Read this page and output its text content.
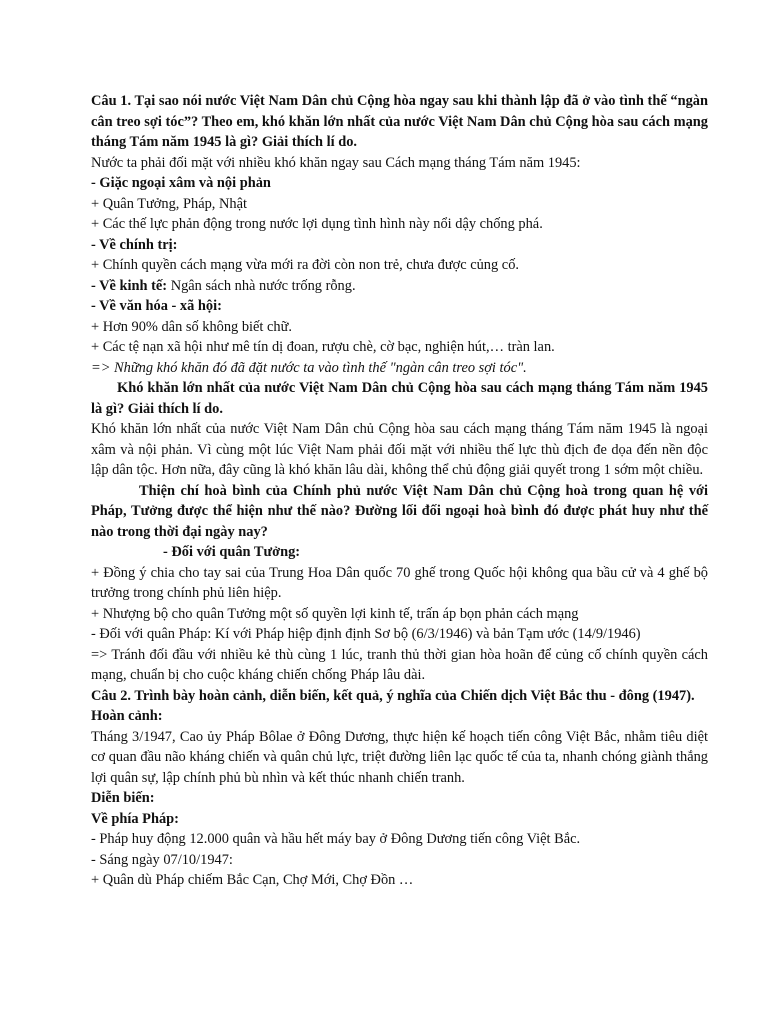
Câu 1. Tại sao nói nước Việt Nam Dân chủ Cộng hòa ngay sau khi thành lập đã ở vào tình thế “ngàn cân treo sợi tóc”? Theo em, khó khăn lớn nhất của nước Việt Nam Dân chủ Cộng hòa sau cách mạng tháng Tám năm 1945 là gì? Giải thích lí do.

Nước ta phải đối mặt với nhiều khó khăn ngay sau Cách mạng tháng Tám năm 1945:

- Giặc ngoại xâm và nội phản

+ Quân Tưởng, Pháp, Nhật

+ Các thế lực phản động trong nước lợi dụng tình hình này nổi dậy chống phá.

- Về chính trị:

+ Chính quyền cách mạng vừa mới ra đời còn non trẻ, chưa được củng cố.

- Về kinh tế: Ngân sách nhà nước trống rỗng.

- Về văn hóa - xã hội:

+ Hơn 90% dân số không biết chữ.

+ Các tệ nạn xã hội như mê tín dị đoan, rượu chè, cờ bạc, nghiện hút,… tràn lan.

=> Những khó khăn đó đã đặt nước ta vào tình thế "ngàn cân treo sợi tóc".

Khó khăn lớn nhất của nước Việt Nam Dân chủ Cộng hòa sau cách mạng tháng Tám năm 1945 là gì? Giải thích lí do.

Khó khăn lớn nhất của nước Việt Nam Dân chủ Cộng hòa sau cách mạng tháng Tám năm 1945 là ngoại xâm và nội phản. Vì cùng một lúc Việt Nam phải đối mặt với nhiều thế lực thù địch đe dọa đến nền độc lập dân tộc. Hơn nữa, đây cũng là khó khăn lâu dài, không thể chủ động giải quyết trong 1 sớm một chiều.

Thiện chí hoà bình của Chính phủ nước Việt Nam Dân chủ Cộng hoà trong quan hệ với Pháp, Tưởng được thể hiện như thế nào? Đường lối đối ngoại hoà bình đó được phát huy như thế nào trong thời đại ngày nay?

- Đối với quân Tưởng:

+ Đồng ý chia cho tay sai của Trung Hoa Dân quốc 70 ghế trong Quốc hội không qua bầu cử và 4 ghế bộ trưởng trong chính phủ liên hiệp.

+ Nhượng bộ cho quân Tưởng một số quyền lợi kinh tế, trấn áp bọn phản cách mạng

- Đối với quân Pháp: Kí với Pháp hiệp định định Sơ bộ (6/3/1946) và bản Tạm ước (14/9/1946)

=> Tránh đối đầu với nhiều kẻ thù cùng 1 lúc, tranh thủ thời gian hòa hoãn để củng cố chính quyền cách mạng, chuẩn bị cho cuộc kháng chiến chống Pháp lâu dài.

Câu 2. Trình bày hoàn cảnh, diễn biến, kết quả, ý nghĩa của Chiến dịch Việt Bắc thu - đông (1947).

Hoàn cảnh:

Tháng 3/1947, Cao ủy Pháp Bôlae ở Đông Dương, thực hiện kế hoạch tiến công Việt Bắc, nhằm tiêu diệt cơ quan đầu não kháng chiến và quân chủ lực, triệt đường liên lạc quốc tế của ta, nhanh chóng giành thắng lợi quân sự, lập chính phủ bù nhìn và kết thúc nhanh chiến tranh.

Diễn biến:

Về phía Pháp:

- Pháp huy động 12.000 quân và hầu hết máy bay ở Đông Dương tiến công Việt Bắc.

- Sáng ngày 07/10/1947:

+ Quân dù Pháp chiếm Bắc Cạn, Chợ Mới, Chợ Đồn …
